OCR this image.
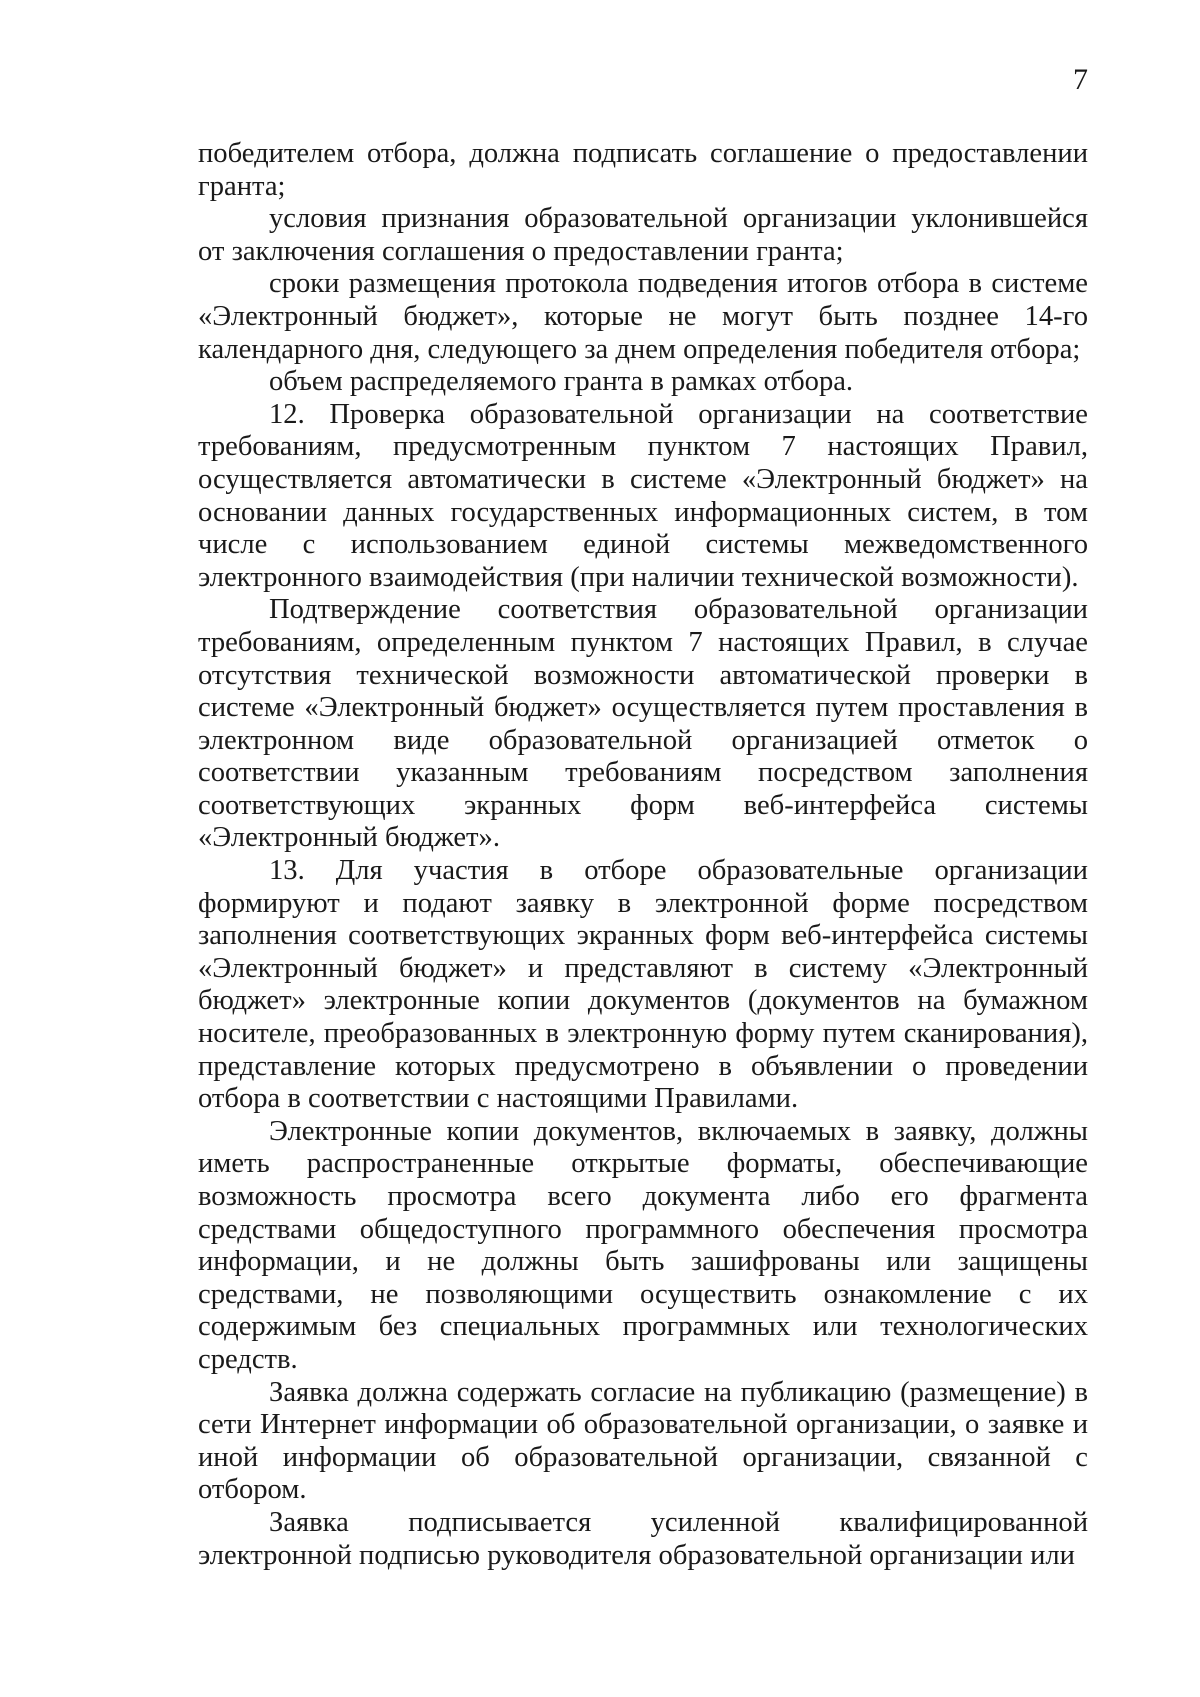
7

победителем отбора, должна подписать соглашение о предоставлении гранта;

условия признания образовательной организации уклонившейся от заключения соглашения о предоставлении гранта;

сроки размещения протокола подведения итогов отбора в системе «Электронный бюджет», которые не могут быть позднее 14-го календарного дня, следующего за днем определения победителя отбора;

объем распределяемого гранта в рамках отбора.

12. Проверка образовательной организации на соответствие требованиям, предусмотренным пунктом 7 настоящих Правил, осуществляется автоматически в системе «Электронный бюджет» на основании данных государственных информационных систем, в том числе с использованием единой системы межведомственного электронного взаимодействия (при наличии технической возможности).

Подтверждение соответствия образовательной организации требованиям, определенным пунктом 7 настоящих Правил, в случае отсутствия технической возможности автоматической проверки в системе «Электронный бюджет» осуществляется путем проставления в электронном виде образовательной организацией отметок о соответствии указанным требованиям посредством заполнения соответствующих экранных форм веб-интерфейса системы «Электронный бюджет».

13. Для участия в отборе образовательные организации формируют и подают заявку в электронной форме посредством заполнения соответствующих экранных форм веб-интерфейса системы «Электронный бюджет» и представляют в систему «Электронный бюджет» электронные копии документов (документов на бумажном носителе, преобразованных в электронную форму путем сканирования), представление которых предусмотрено в объявлении о проведении отбора в соответствии с настоящими Правилами.

Электронные копии документов, включаемых в заявку, должны иметь распространенные открытые форматы, обеспечивающие возможность просмотра всего документа либо его фрагмента средствами общедоступного программного обеспечения просмотра информации, и не должны быть зашифрованы или защищены средствами, не позволяющими осуществить ознакомление с их содержимым без специальных программных или технологических средств.

Заявка должна содержать согласие на публикацию (размещение) в сети Интернет информации об образовательной организации, о заявке и иной информации об образовательной организации, связанной с отбором.

Заявка подписывается усиленной квалифицированной электронной подписью руководителя образовательной организации или
